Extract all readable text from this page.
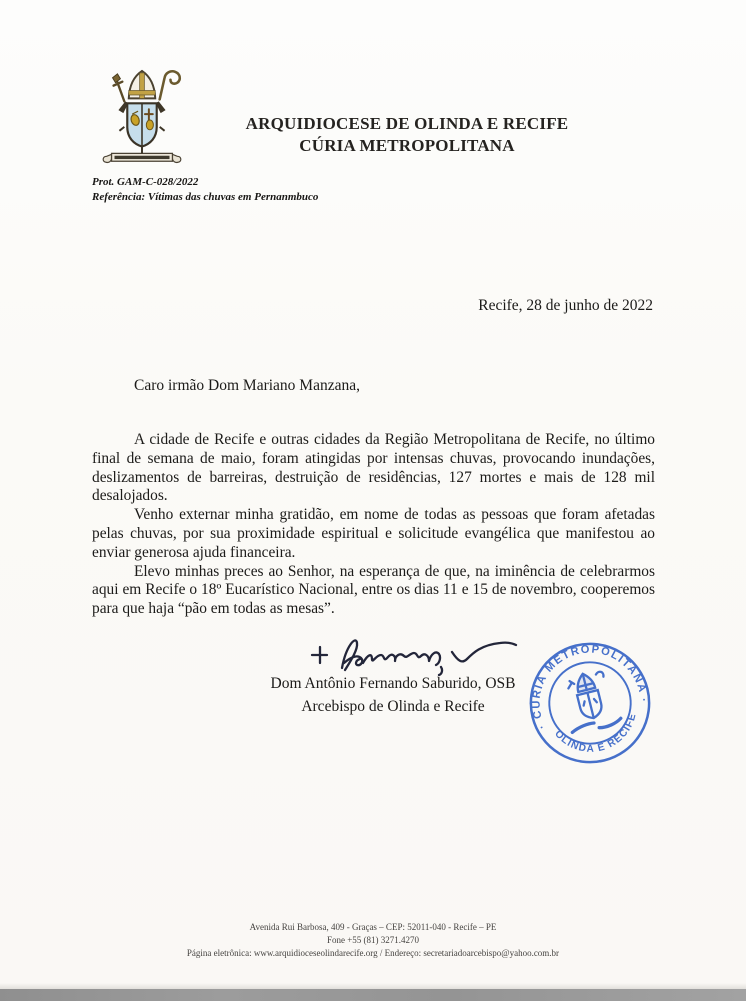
ARQUIDIOCESE DE OLINDA E RECIFE
CÚRIA METROPOLITANA
Prot. GAM-C-028/2022
Referência: Vítimas das chuvas em Pernanmbuco
Recife, 28 de junho de 2022
Caro irmão Dom Mariano Manzana,

A cidade de Recife e outras cidades da Região Metropolitana de Recife, no último final de semana de maio, foram atingidas por intensas chuvas, provocando inundações, deslizamentos de barreiras, destruição de residências, 127 mortes e mais de 128 mil desalojados.

Venho externar minha gratidão, em nome de todas as pessoas que foram afetadas pelas chuvas, por sua proximidade espiritual e solicitude evangélica que manifestou ao enviar generosa ajuda financeira.

Elevo minhas preces ao Senhor, na esperança de que, na iminência de celebrarmos aqui em Recife o 18º Eucarístico Nacional, entre os dias 11 e 15 de novembro, cooperemos para que haja “pão em todas as mesas”.

Dom Antônio Fernando Saburido, OSB
Arcebispo de Olinda e Recife
· CÚRIA METROPOLITANA ·
OLINDA E RECIFE
Avenida Rui Barbosa, 409 - Graças – CEP: 52011-040 - Recife – PE
Fone +55 (81) 3271.4270
Página eletrônica: www.arquidioceseolindarecife.org / Endereço: secretariadoarcebispo@yahoo.com.br
